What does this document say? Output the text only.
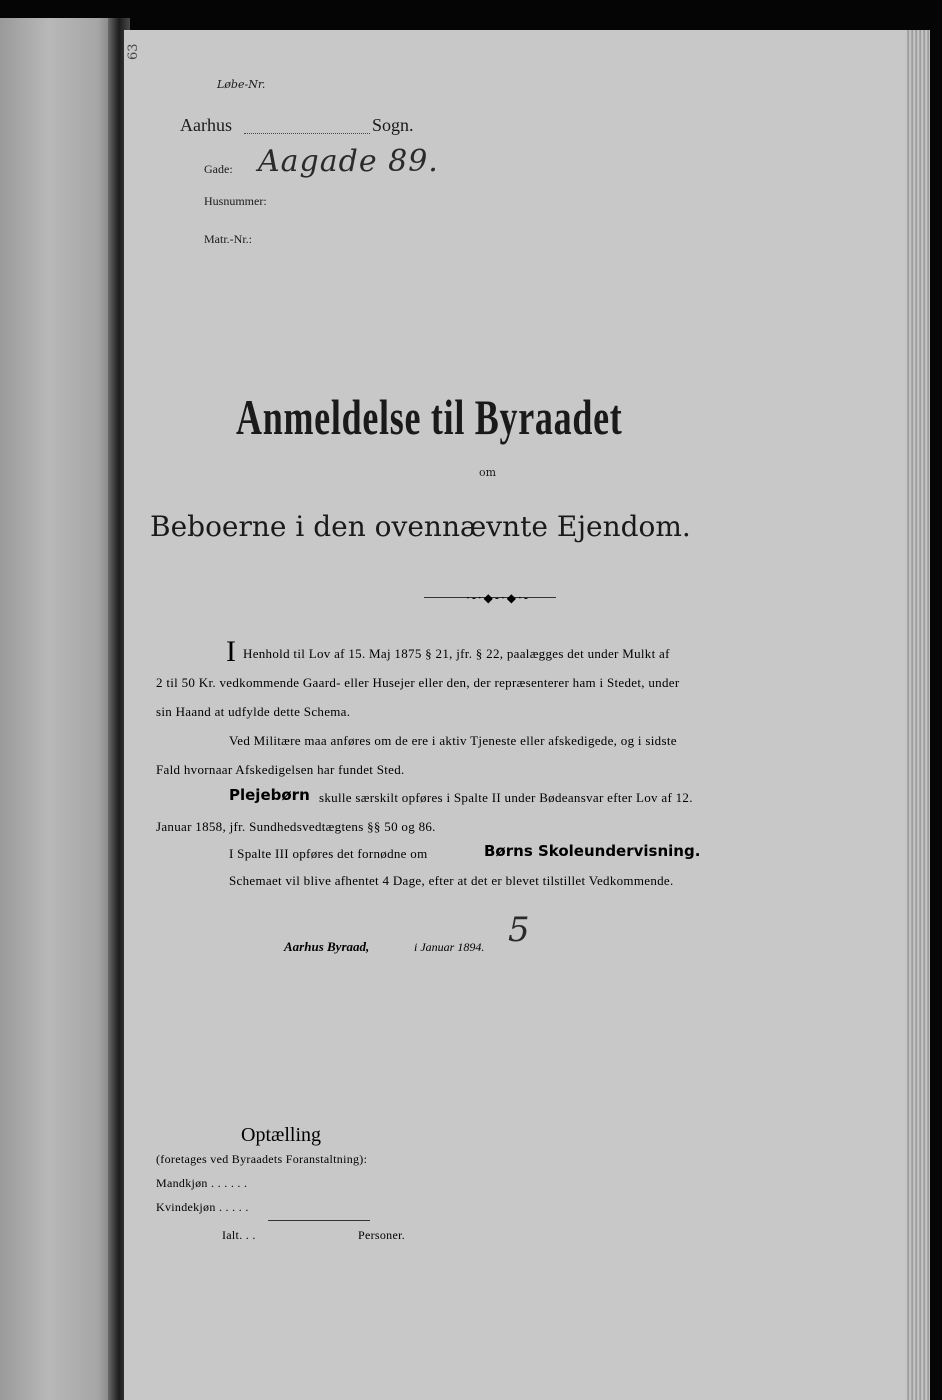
Løbe-Nr.
Aarhus	Sogn.
Gade: Aagade 89.
Husnummer:
Matr.-Nr.:
Anmeldelse til Byraadet
om
Beboerne i den ovennævnte Ejendom.
·-·◆-·◆·-
I Henhold til Lov af 15. Maj 1875 § 21, jfr. § 22, paalægges det under Mulkt af
2 til 50 Kr. vedkommende Gaard- eller Husejer eller den, der repræsenterer ham i Stedet, under
sin Haand at udfylde dette Schema.
Ved Militære maa anføres om de ere i aktiv Tjeneste eller afskedigede, og i sidste
Fald hvornaar Afskedigelsen har fundet Sted.
Plejebørn skulle særskilt opføres i Spalte II under Bødeansvar efter Lov af 12.
Januar 1858, jfr. Sundhedsvedtægtens §§ 50 og 86.
I Spalte III opføres det fornødne om	Børns Skoleundervisning.
Schemaet vil blive afhentet 4 Dage, efter at det er blevet tilstillet Vedkommende.
Aarhus Byraad,	i Januar 1894. 5
Optælling
(foretages ved Byraadets Foranstaltning):
Mandkjøn . . . . . .
Kvindekjøn . . . . .
Ialt. . .	Personer.
63
